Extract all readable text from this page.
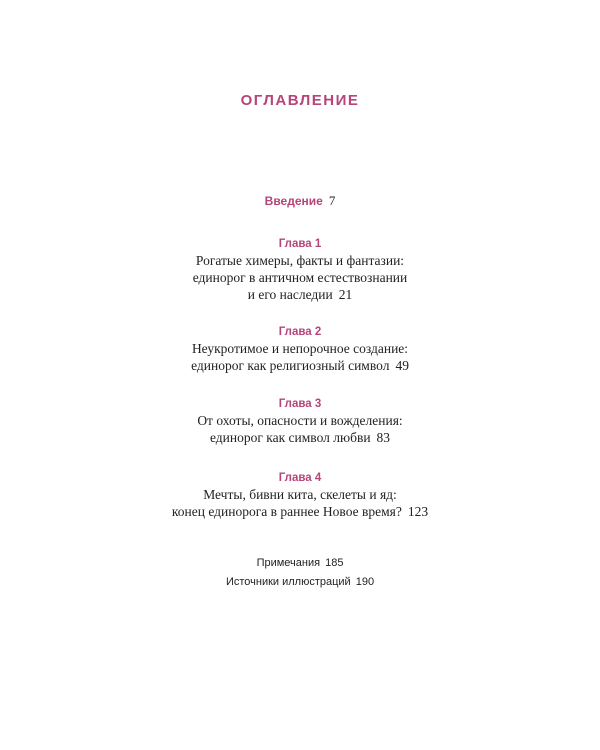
ОГЛАВЛЕНИЕ
Введение 7
Глава 1
Рогатые химеры, факты и фантазии:
единорог в античном естествознании
и его наследии 21
Глава 2
Неукротимое и непорочное создание:
единорог как религиозный символ 49
Глава 3
От охоты, опасности и вожделения:
единорог как символ любви 83
Глава 4
Мечты, бивни кита, скелеты и яд:
конец единорога в раннее Новое время? 123
Примечания 185
Источники иллюстраций 190
